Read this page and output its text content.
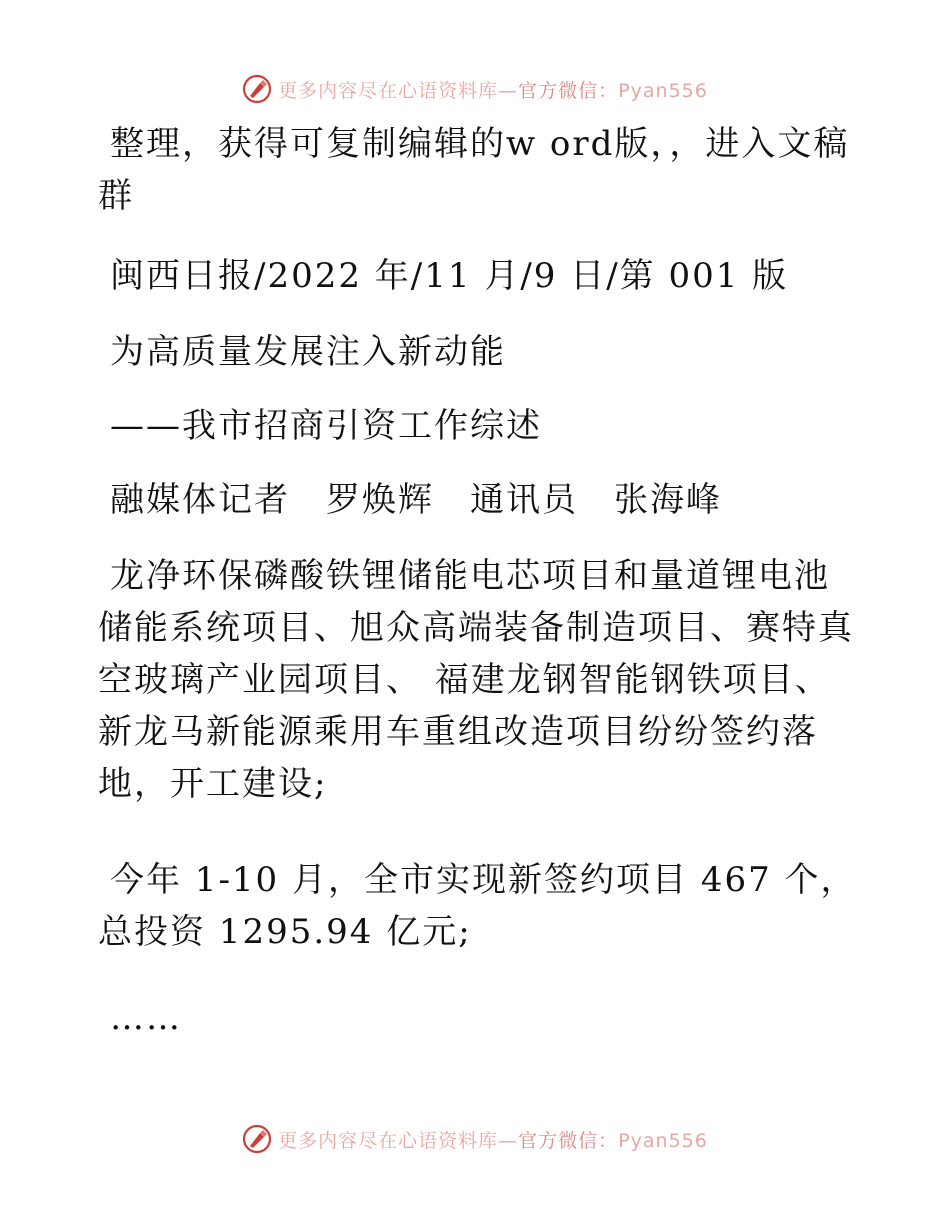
更多内容尽在心语资料库—官方微信：Pyan556

整理，获得可复制编辑的w ord版，，进入文稿群

闽西日报/2022 年/11 月/9 日/第 001 版

为高质量发展注入新动能

——我市招商引资工作综述

融媒体记者　罗焕辉　通讯员　张海峰

龙净环保磷酸铁锂储能电芯项目和量道锂电池储能系统项目、旭众高端装备制造项目、赛特真空玻璃产业园项目、 福建龙钢智能钢铁项目、 新龙马新能源乘用车重组改造项目纷纷签约落地，开工建设;

今年 1-10 月，全市实现新签约项目 467 个，总投资 1295.94 亿元;

……

更多内容尽在心语资料库—官方微信：Pyan556
